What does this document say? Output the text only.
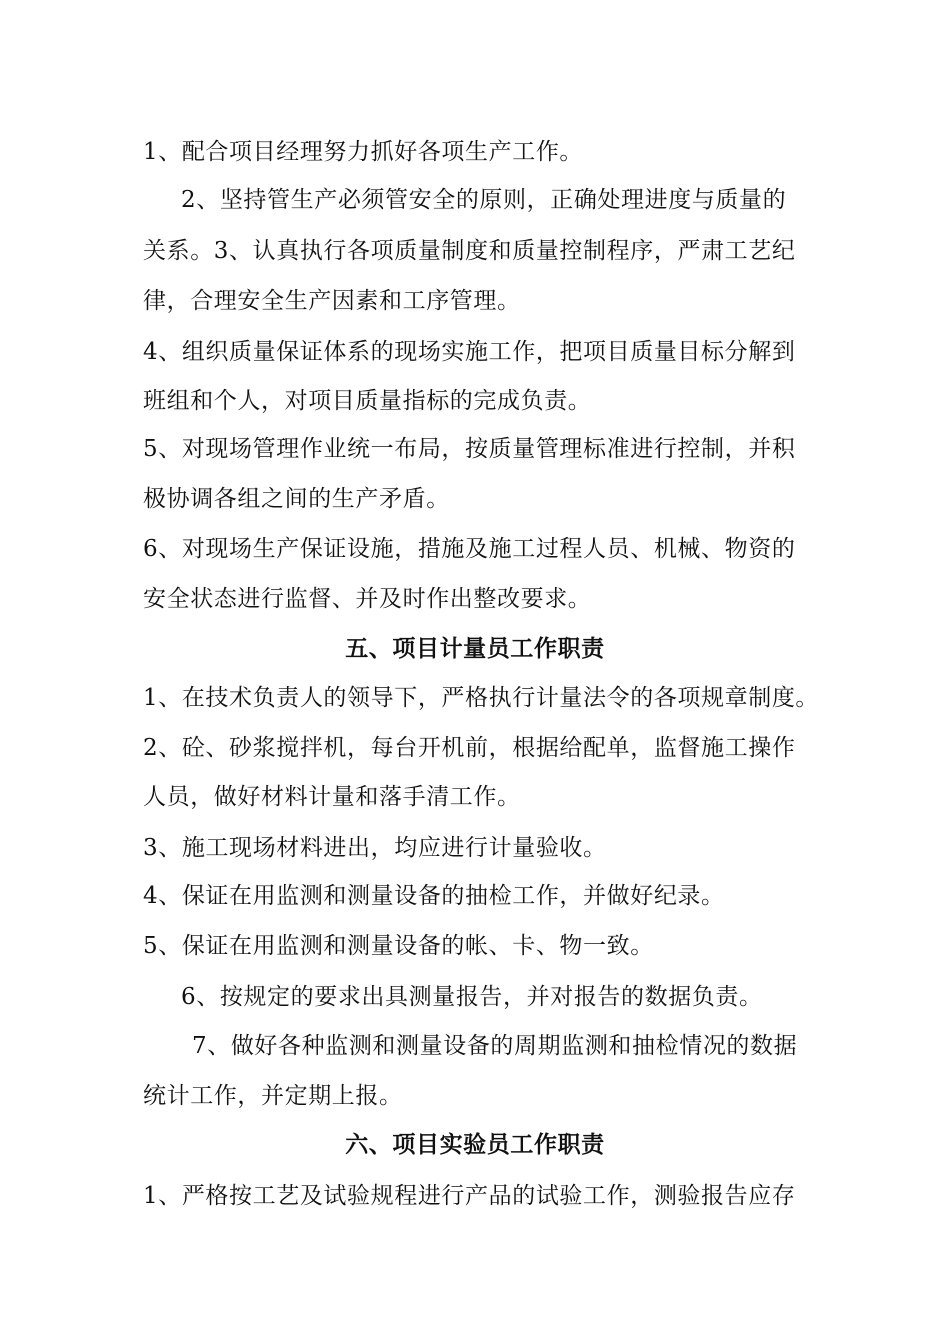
1、配合项目经理努力抓好各项生产工作。
2、坚持管生产必须管安全的原则，正确处理进度与质量的
关系。3、认真执行各项质量制度和质量控制程序，严肃工艺纪
律，合理安全生产因素和工序管理。
4、组织质量保证体系的现场实施工作，把项目质量目标分解到
班组和个人，对项目质量指标的完成负责。
5、对现场管理作业统一布局，按质量管理标准进行控制，并积
极协调各组之间的生产矛盾。
6、对现场生产保证设施，措施及施工过程人员、机械、物资的
安全状态进行监督、并及时作出整改要求。
五、项目计量员工作职责
1、在技术负责人的领导下，严格执行计量法令的各项规章制度。
2、砼、砂浆搅拌机，每台开机前，根据给配单，监督施工操作
人员，做好材料计量和落手清工作。
3、施工现场材料进出，均应进行计量验收。
4、保证在用监测和测量设备的抽检工作，并做好纪录。
5、保证在用监测和测量设备的帐、卡、物一致。
6、按规定的要求出具测量报告，并对报告的数据负责。
7、做好各种监测和测量设备的周期监测和抽检情况的数据
统计工作，并定期上报。
六、项目实验员工作职责
1、严格按工艺及试验规程进行产品的试验工作，测验报告应存
